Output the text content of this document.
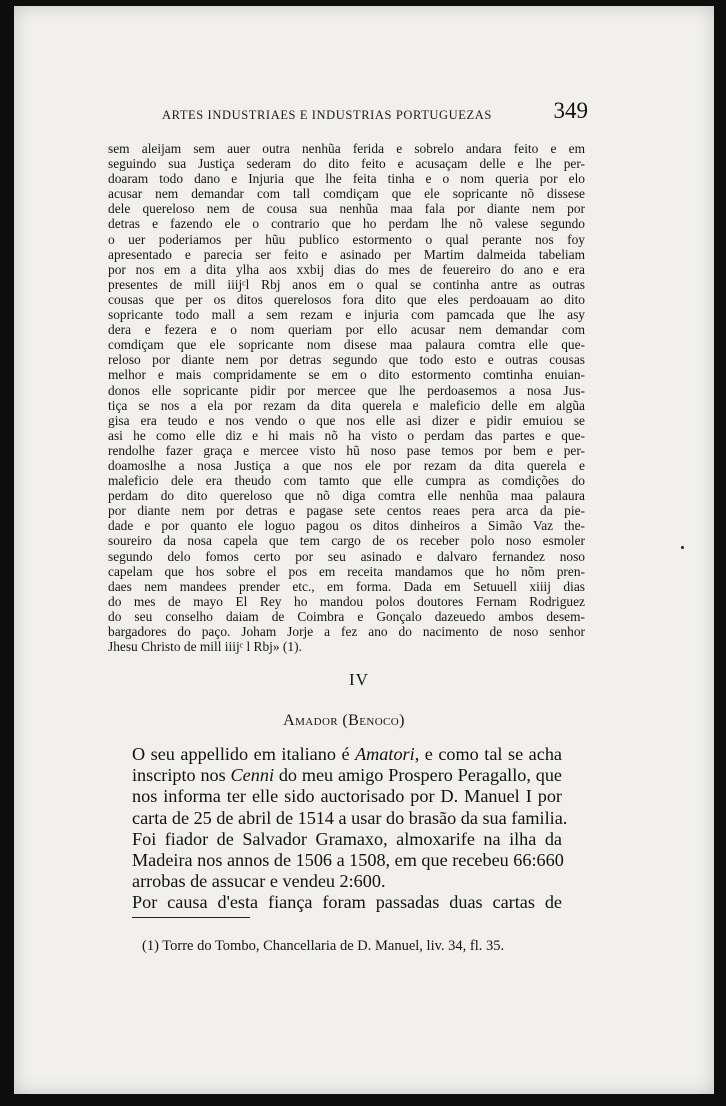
ARTES INDUSTRIAES E INDUSTRIAS PORTUGUEZAS	349
sem aleijam sem auer outra nenhũa ferida e sobrelo andara feito e em
seguindo sua Justiça sederam do dito feito e acusaçam delle e lhe per-
doaram todo dano e Injuria que lhe feita tinha e o nom queria por elo
acusar nem demandar com tall comdiçam que ele sopricante nõ dissese
dele quereloso nem de cousa sua nenhũa maa fala por diante nem por
detras e fazendo ele o contrario que ho perdam lhe nõ valese segundo
o uer poderiamos per hũu publico estormento o qual perante nos foy
apresentado e parecia ser feito e asinado per Martim dalmeida tabeliam
por nos em a dita ylha aos xxbij dias do mes de feuereiro do ano e era
presentes de mill iiijᶜl Rbj anos em o qual se continha antre as outras
cousas que per os ditos querelosos fora dito que eles perdoauam ao dito
sopricante todo mall a sem rezam e injuria com pamcada que lhe asy
dera e fezera e o nom queriam por ello acusar nem demandar com
comdiçam que ele sopricante nom disese maa palaura comtra elle que-
reloso por diante nem por detras segundo que todo esto e outras cousas
melhor e mais compridamente se em o dito estormento comtinha enuian-
donos elle sopricante pidir por mercee que lhe perdoasemos a nosa Jus-
tiça se nos a ela por rezam da dita querela e maleficio delle em algũa
gisa era teudo e nos vendo o que nos elle asi dizer e pidir emuiou se
asi he como elle diz e hi mais nõ ha visto o perdam das partes e que-
rendolhe fazer graça e mercee visto hũ noso pase temos por bem e per-
doamoslhe a nosa Justiça a que nos ele por rezam da dita querela e
maleficio dele era theudo com tamto que elle cumpra as comdições do
perdam do dito quereloso que nõ diga comtra elle nenhũa maa palaura
por diante nem por detras e pagase sete centos reaes pera arca da pie-
dade e por quanto ele loguo pagou os ditos dinheiros a Simão Vaz the-
soureiro da nosa capela que tem cargo de os receber polo noso esmoler
segundo delo fomos certo por seu asinado e dalvaro fernandez noso
capelam que hos sobre el pos em receita mandamos que ho nõm pren-
daes nem mandees prender etc., em forma. Dada em Setuuell xiiij dias
do mes de mayo El Rey ho mandou polos doutores Fernam Rodriguez
do seu conselho daiam de Coimbra e Gonçalo dazeuedo ambos desem-
bargadores do paço. Joham Jorje a fez ano do nacimento de noso senhor
Jhesu Christo de mill iiijᶜ l Rbj» (1).
IV
Amador (Benoco)
O seu appellido em italiano é Amatori, e como tal se acha
inscripto nos Cenni do meu amigo Prospero Peragallo, que
nos informa ter elle sido auctorisado por D. Manuel I por
carta de 25 de abril de 1514 a usar do brasão da sua familia.
Foi fiador de Salvador Gramaxo, almoxarife na ilha da
Madeira nos annos de 1506 a 1508, em que recebeu 66:660
arrobas de assucar e vendeu 2:600.
Por causa d'esta fiança foram passadas duas cartas de
(1) Torre do Tombo, Chancellaria de D. Manuel, liv. 34, fl. 35.
